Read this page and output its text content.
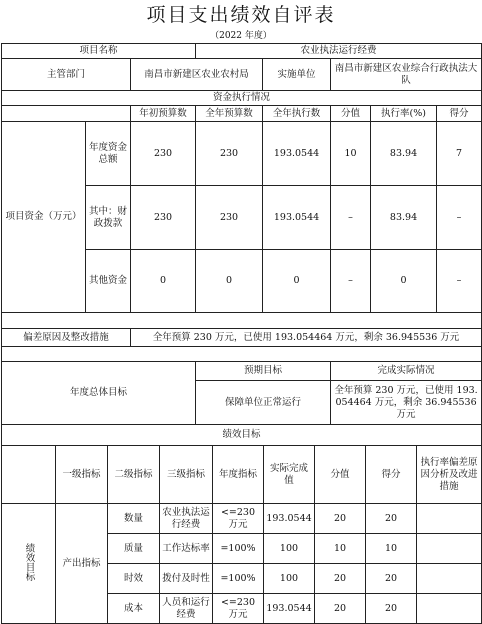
项目支出绩效自评表
（2022 年度）
项目名称			农业执法运行经费				
主管部门		南昌市新建区农业农村局		实施单位	南昌市新建区农业综合行政执法大队		
资金执行情况							
		年初预算数	全年预算数	全年执行数	分值	执行率(%)	得分
项目资金（万元）	年度资金总额	230	230	193.0544	10	83.94	7
	其中：财政拨款	230	230	193.0544	–	83.94	–
	其他资金	0	0	0	–	0	–

偏差原因及整改措施		全年预算 230 万元，已使用 193.054464 万元，剩余 36.945536 万元					

年度总体目标			预期目标		完成实际情况		
			保障单位正常运行		全年预算 230 万元，已使用 193.054464 万元，剩余 36.945536 万元		
绩效目标								
	一级指标	二级指标	三级指标	年度指标	实际完成值	分值	得分	执行率偏差原因分析及改进措施
绩效目标	产出指标	数量	农业执法运行经费	<=230 万元	193.0544	20	20	
		质量	工作达标率	=100%	100	10	10	
		时效	拨付及时性	=100%	100	20	20	
		成本	人员和运行经费	<=230 万元	193.0544	20	20	
